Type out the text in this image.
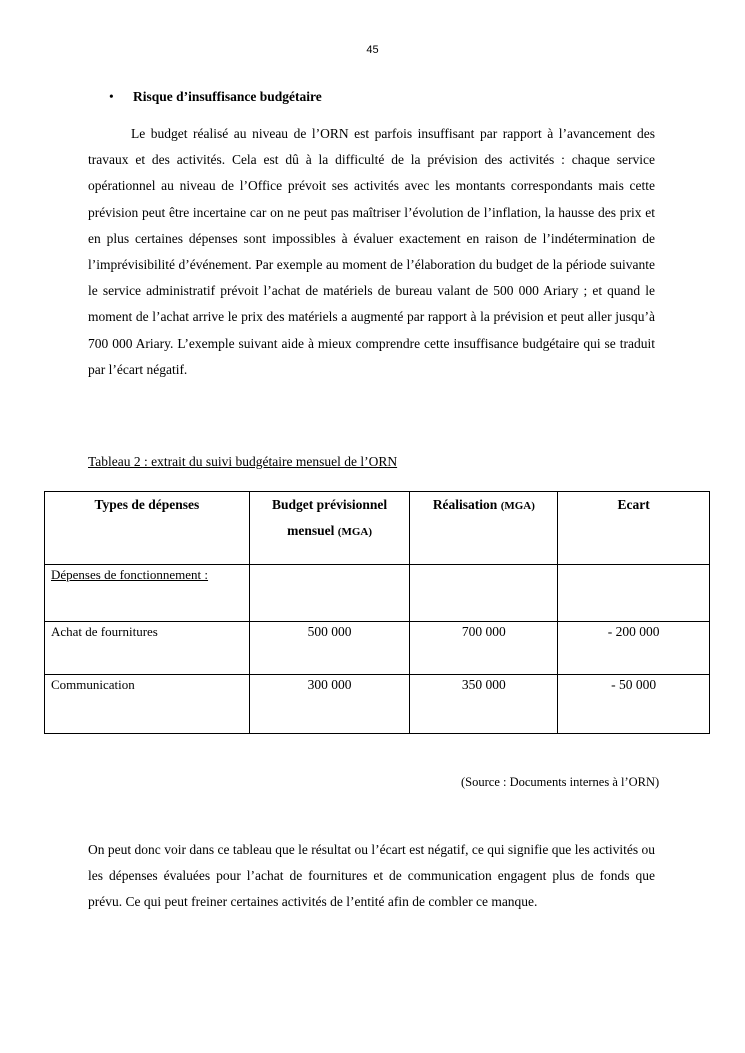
45
• Risque d’insuffisance budgétaire

Le budget réalisé au niveau de l’ORN est parfois insuffisant par rapport à l’avancement des travaux et des activités. Cela est dû à la difficulté de la prévision des activités : chaque service opérationnel au niveau de l’Office prévoit ses activités avec les montants correspondants mais cette prévision peut être incertaine car on ne peut pas maîtriser l’évolution de l’inflation, la hausse des prix et en plus certaines dépenses sont impossibles à évaluer exactement en raison de l’indétermination de l’imprévisibilité d’événement. Par exemple au moment de l’élaboration du budget de la période suivante le service administratif prévoit l’achat de matériels de bureau valant de 500 000 Ariary ; et quand le moment de l’achat arrive le prix des matériels a augmenté par rapport à la prévision et peut aller jusqu’à 700 000 Ariary. L’exemple suivant aide à mieux comprendre cette insuffisance budgétaire qui se traduit par l’écart négatif.

Tableau 2 : extrait du suivi budgétaire mensuel de l’ORN
Types de dépenses	Budget prévisionnel mensuel (MGA)	Réalisation (MGA)	Ecart
Dépenses de fonctionnement :			
Achat de fournitures	500 000	700 000	- 200 000
Communication	300 000	350 000	- 50 000
(Source : Documents internes à l’ORN)

On peut donc voir dans ce tableau que le résultat ou l’écart est négatif, ce qui signifie que les activités ou les dépenses évaluées pour l’achat de fournitures et de communication engagent plus de fonds que prévu. Ce qui peut freiner certaines activités de l’entité afin de combler ce manque.
